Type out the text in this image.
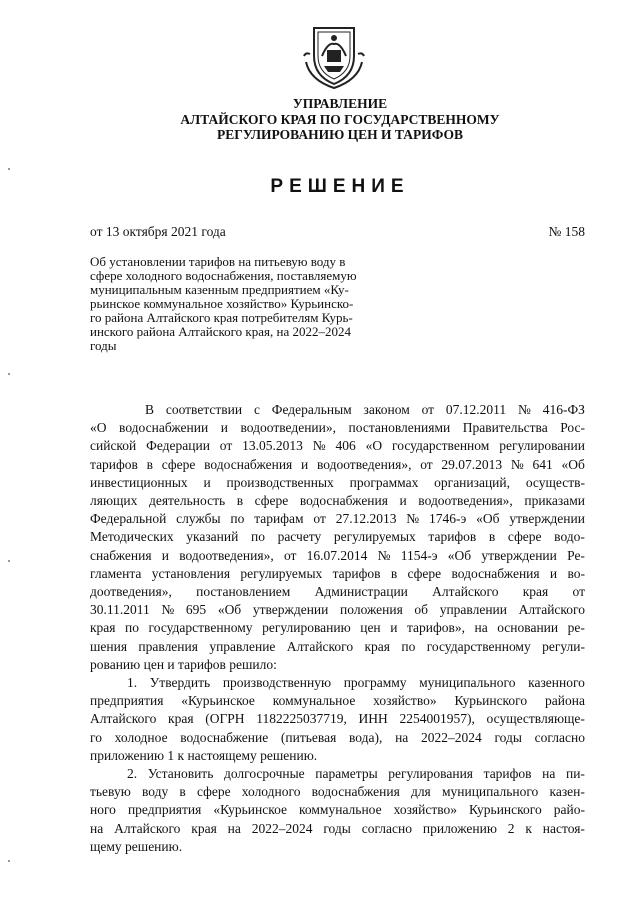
УПРАВЛЕНИЕ
АЛТАЙСКОГО КРАЯ ПО ГОСУДАРСТВЕННОМУ
РЕГУЛИРОВАНИЮ ЦЕН И ТАРИФОВ
РЕШЕНИЕ
от 13 октября 2021 года	№ 158
Об установлении тарифов на питьевую воду в
сфере холодного водоснабжения, поставляемую
муниципальным казенным предприятием «Ку-
рьинское коммунальное хозяйство» Курьинско-
го района Алтайского края потребителям Курь-
инского района Алтайского края, на 2022–2024
годы
В соответствии с Федеральным законом от 07.12.2011 № 416-ФЗ
«О водоснабжении и водоотведении», постановлениями Правительства Рос-
сийской Федерации от 13.05.2013 № 406 «О государственном регулировании
тарифов в сфере водоснабжения и водоотведения», от 29.07.2013 № 641 «Об
инвестиционных и производственных программах организаций, осуществ-
ляющих деятельность в сфере водоснабжения и водоотведения», приказами
Федеральной службы по тарифам от 27.12.2013 № 1746-э «Об утверждении
Методических указаний по расчету регулируемых тарифов в сфере водо-
снабжения и водоотведения», от 16.07.2014 № 1154-э «Об утверждении Ре-
гламента установления регулируемых тарифов в сфере водоснабжения и во-
доотведения», постановлением Администрации Алтайского края от
30.11.2011 № 695 «Об утверждении положения об управлении Алтайского
края по государственному регулированию цен и тарифов», на основании ре-
шения правления управление Алтайского края по государственному регули-
рованию цен и тарифов решило:
1. Утвердить производственную программу муниципального казенного
предприятия «Курьинское коммунальное хозяйство» Курьинского района
Алтайского края (ОГРН 1182225037719, ИНН 2254001957), осуществляюще-
го холодное водоснабжение (питьевая вода), на 2022–2024 годы согласно
приложению 1 к настоящему решению.
2. Установить долгосрочные параметры регулирования тарифов на пи-
тьевую воду в сфере холодного водоснабжения для муниципального казен-
ного предприятия «Курьинское коммунальное хозяйство» Курьинского райо-
на Алтайского края на 2022–2024 годы согласно приложению 2 к настоя-
щему решению.
